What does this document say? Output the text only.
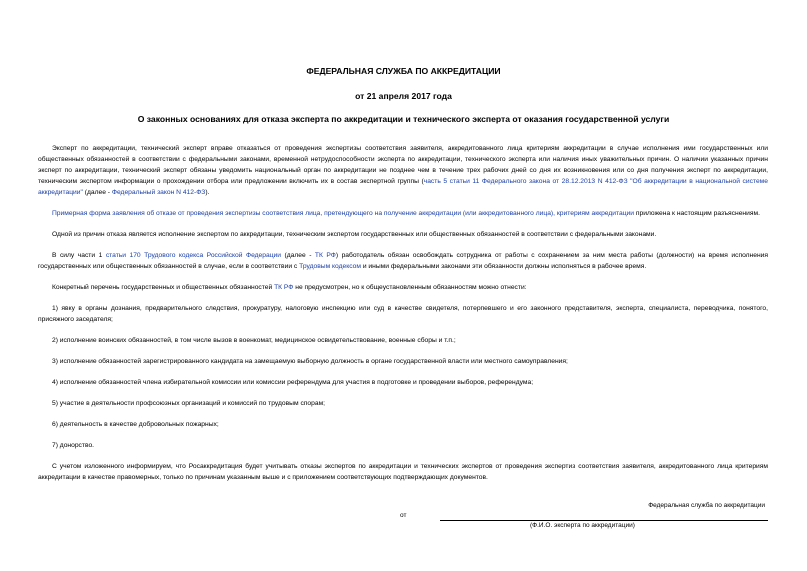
ФЕДЕРАЛЬНАЯ СЛУЖБА ПО АККРЕДИТАЦИИ
от 21 апреля 2017 года
О законных основаниях для отказа эксперта по аккредитации и технического эксперта от оказания государственной услуги

Эксперт по аккредитации, технический эксперт вправе отказаться от проведения экспертизы соответствия заявителя, аккредитованного лица критериям аккредитации в случае исполнения ими государственных или общественных обязанностей в соответствии с федеральными законами, временной нетрудоспособности эксперта по аккредитации, технического эксперта или наличия иных уважительных причин. О наличии указанных причин эксперт по аккредитации, технический эксперт обязаны уведомить национальный орган по аккредитации не позднее чем в течение трех рабочих дней со дня их возникновения или со дня получения эксперт по аккредитации, техническим экспертом информации о прохождении отбора или предложении включить их в состав экспертной группы (часть 5 статьи 11 Федерального закона от 28.12.2013 N 412-ФЗ "Об аккредитации в национальной системе аккредитации" (далее - Федеральный закон N 412-ФЗ).

Примерная форма заявления об отказе от проведения экспертизы соответствия лица, претендующего на получение аккредитации (или аккредитованного лица), критериям аккредитации приложена к настоящим разъяснениям.

Одной из причин отказа является исполнение экспертом по аккредитации, техническим экспертом государственных или общественных обязанностей в соответствии с федеральными законами.

В силу части 1 статьи 170 Трудового кодекса Российской Федерации (далее - ТК РФ) работодатель обязан освобождать сотрудника от работы с сохранением за ним места работы (должности) на время исполнения государственных или общественных обязанностей в случае, если в соответствии с Трудовым кодексом и иными федеральными законами эти обязанности должны исполняться в рабочее время.

Конкретный перечень государственных и общественных обязанностей ТК РФ не предусмотрен, но к общеустановленным обязанностям можно отнести:

1) явку в органы дознания, предварительного следствия, прокуратуру, налоговую инспекцию или суд в качестве свидетеля, потерпевшего и его законного представителя, эксперта, специалиста, переводчика, понятого, присяжного заседателя;

2) исполнение воинских обязанностей, в том числе вызов в военкомат, медицинское освидетельствование, военные сборы и т.п.;

3) исполнение обязанностей зарегистрированного кандидата на замещаемую выборную должность в органе государственной власти или местного самоуправления;

4) исполнение обязанностей члена избирательной комиссии или комиссии референдума для участия в подготовке и проведении выборов, референдума;

5) участие в деятельности профсоюзных организаций и комиссий по трудовым спорам;

6) деятельность в качестве добровольных пожарных;

7) донорство.

С учетом изложенного информируем, что Росаккредитация будет учитывать отказы экспертов по аккредитации и технических экспертов от проведения экспертиз соответствия заявителя, аккредитованного лица критериям аккредитации в качестве правомерных, только по причинам указанным выше и с приложением соответствующих подтверждающих документов.

Федеральная служба по аккредитации
от
(Ф.И.О. эксперта по аккредитации)
